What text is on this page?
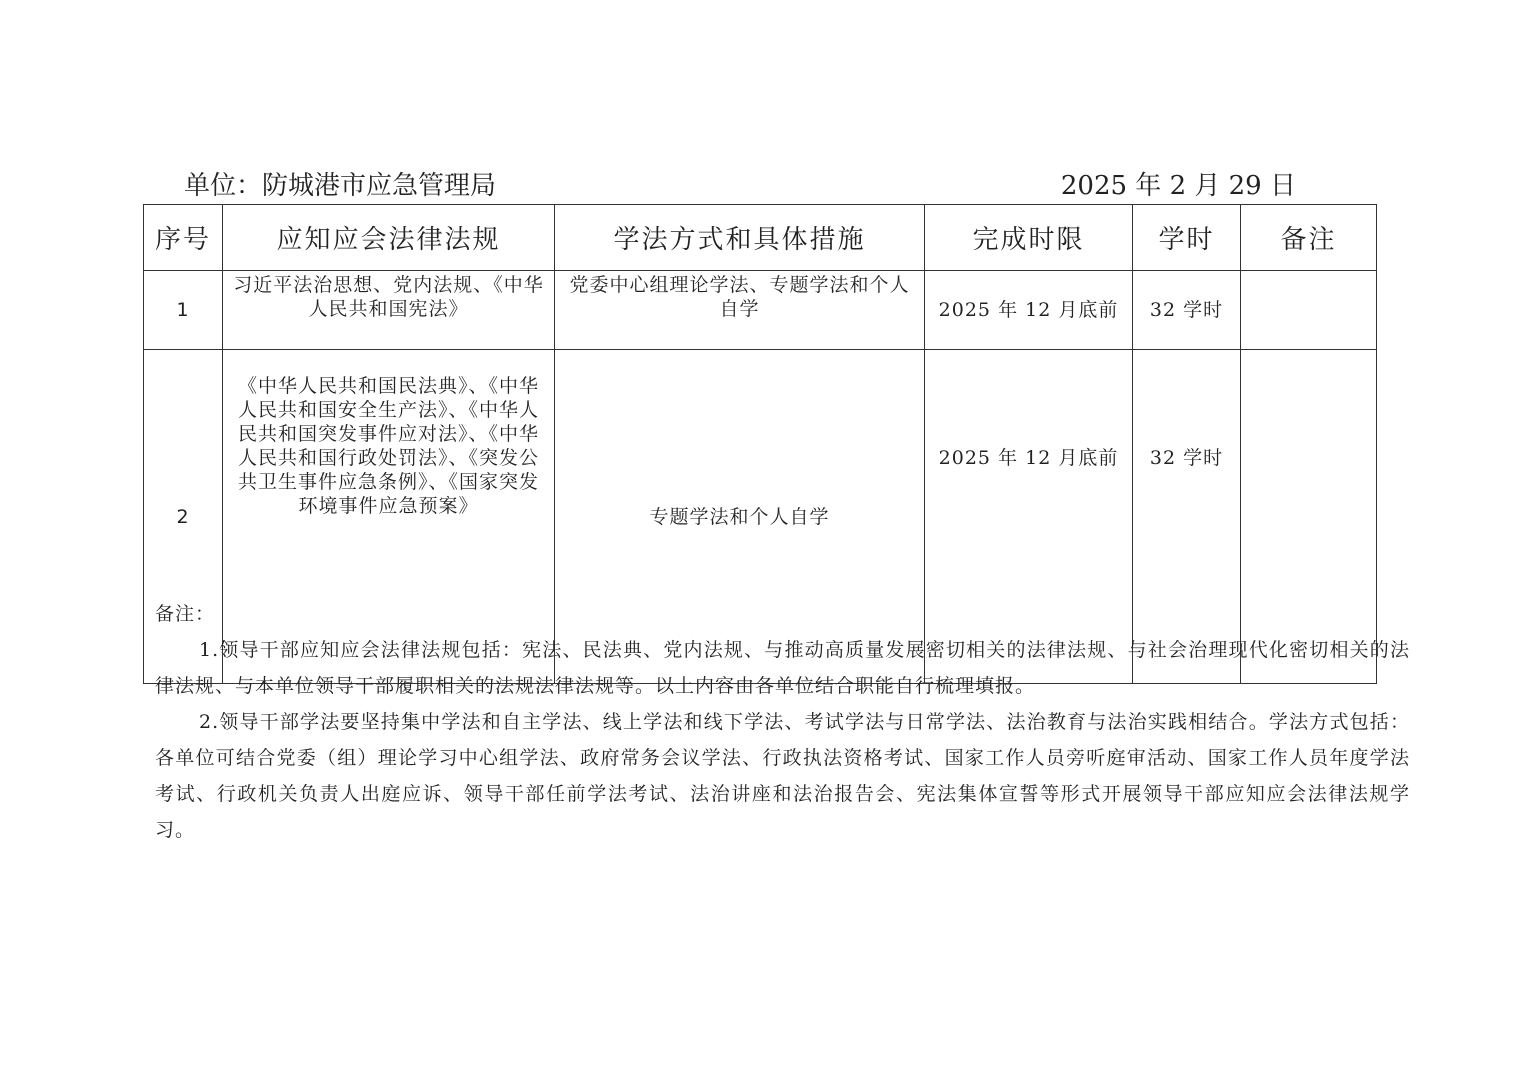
单位：防城港市应急管理局	2025 年 2 月 29 日
序号	应知应会法律法规	学法方式和具体措施	完成时限	学时	备注
1	习近平法治思想、党内法规、《中华人民共和国宪法》	党委中心组理论学法、专题学法和个人自学	2025 年 12 月底前	32 学时	
2	《中华人民共和国民法典》、《中华人民共和国安全生产法》、《中华人民共和国突发事件应对法》、《中华人民共和国行政处罚法》、《突发公共卫生事件应急条例》、《国家突发环境事件应急预案》	专题学法和个人自学	2025 年 12 月底前	32 学时	

备注：

1.领导干部应知应会法律法规包括：宪法、民法典、党内法规、与推动高质量发展密切相关的法律法规、与社会治理现代化密切相关的法律法规、与本单位领导干部履职相关的法规法律法规等。以上内容由各单位结合职能自行梳理填报。

2.领导干部学法要坚持集中学法和自主学法、线上学法和线下学法、考试学法与日常学法、法治教育与法治实践相结合。学法方式包括：各单位可结合党委（组）理论学习中心组学法、政府常务会议学法、行政执法资格考试、国家工作人员旁听庭审活动、国家工作人员年度学法考试、行政机关负责人出庭应诉、领导干部任前学法考试、法治讲座和法治报告会、宪法集体宣誓等形式开展领导干部应知应会法律法规学习。
